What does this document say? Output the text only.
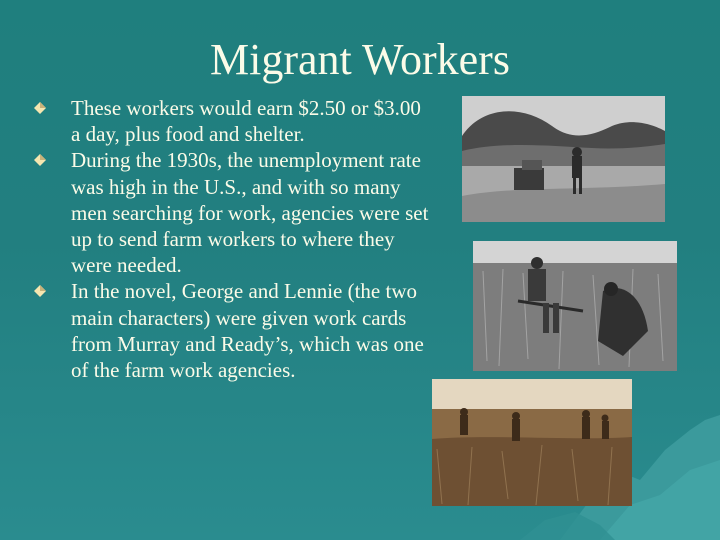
Migrant Workers
These workers would earn $2.50 or $3.00 a day, plus food and shelter.
During the 1930s, the unemployment rate was high in the U.S., and with so many men searching for work, agencies were set up to send farm workers to where they were needed.
In the novel, George and Lennie (the two main characters) were given work cards from Murray and Ready’s, which was one of the farm work agencies.
